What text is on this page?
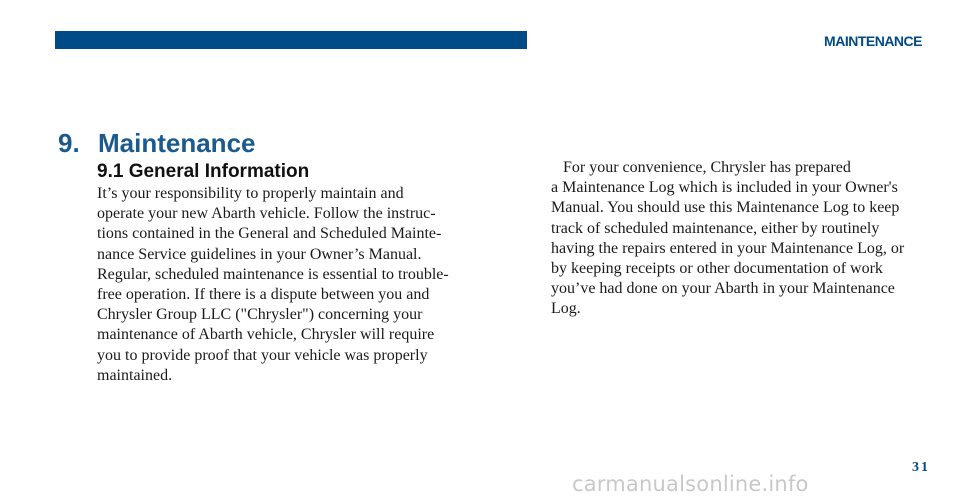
MAINTENANCE
9. Maintenance
9.1 General Information
It’s your responsibility to properly maintain and
operate your new Abarth vehicle. Follow the instruc-
tions contained in the General and Scheduled Mainte-
nance Service guidelines in your Owner’s Manual.
Regular, scheduled maintenance is essential to trouble-
free operation. If there is a dispute between you and
Chrysler Group LLC ("Chrysler") concerning your
maintenance of Abarth vehicle, Chrysler will require
you to provide proof that your vehicle was properly
maintained.
For your convenience, Chrysler has prepared
a Maintenance Log which is included in your Owner's
Manual. You should use this Maintenance Log to keep
track of scheduled maintenance, either by routinely
having the repairs entered in your Maintenance Log, or
by keeping receipts or other documentation of work
you’ve had done on your Abarth in your Maintenance
Log.
31
carmanualsonline.info
